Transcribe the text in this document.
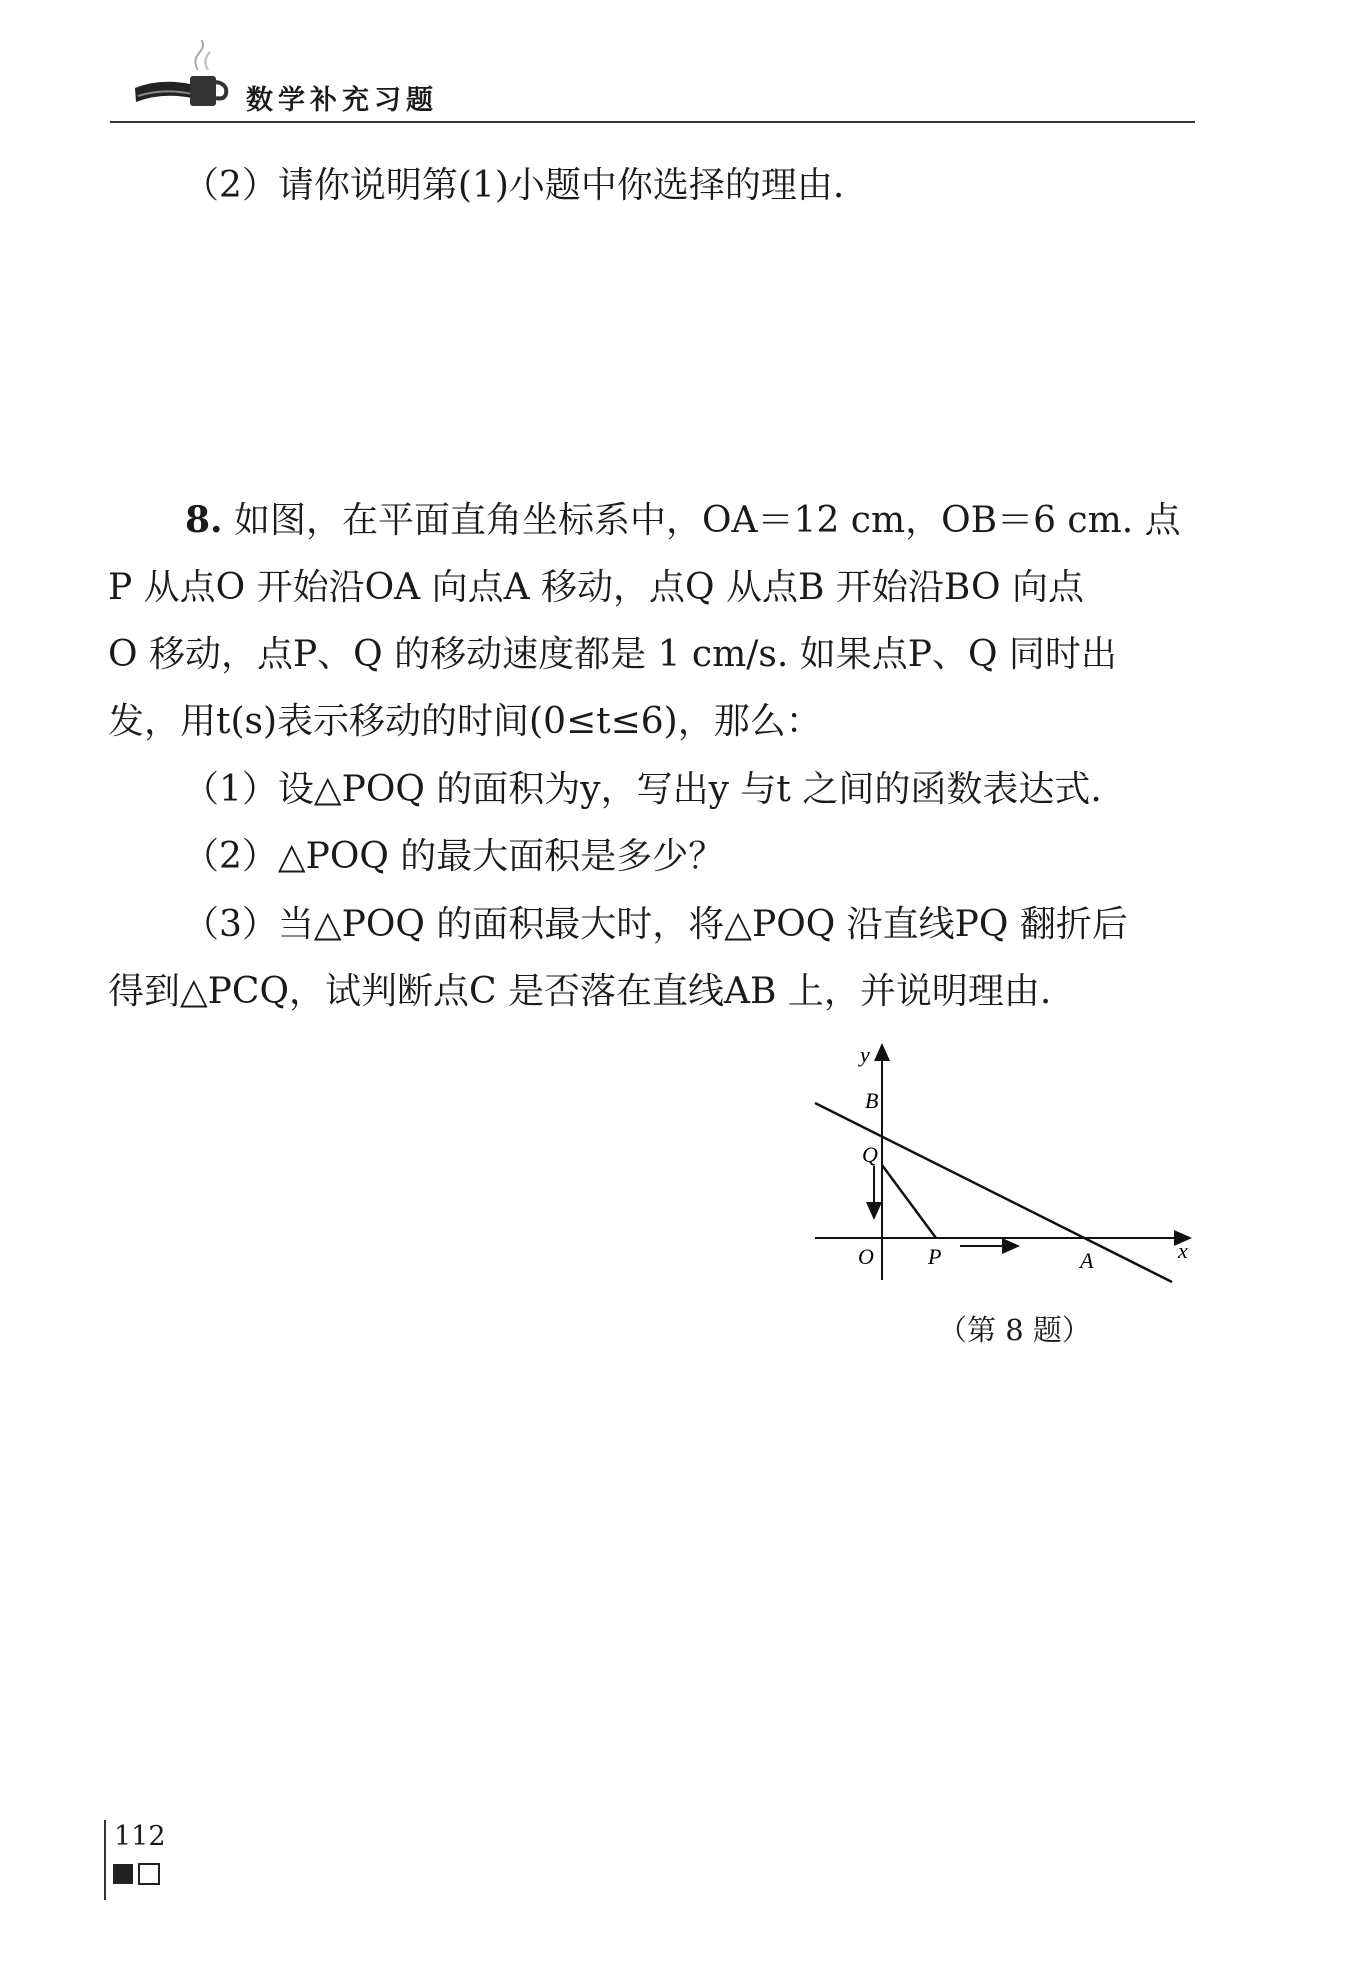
数学补充习题
（2）请你说明第(1)小题中你选择的理由.
8. 如图，在平面直角坐标系中，OA＝12 cm，OB＝6 cm. 点
P 从点O 开始沿OA 向点A 移动，点Q 从点B 开始沿BO 向点
O 移动，点P、Q 的移动速度都是 1 cm/s. 如果点P、Q 同时出
发，用t(s)表示移动的时间(0≤t≤6)，那么：
（1）设△POQ 的面积为y，写出y 与t 之间的函数表达式.
（2）△POQ 的最大面积是多少？
（3）当△POQ 的面积最大时，将△POQ 沿直线PQ 翻折后
得到△PCQ，试判断点C 是否落在直线AB 上，并说明理由.
y
B
Q
O P	A	x
（第 8 题）
112
